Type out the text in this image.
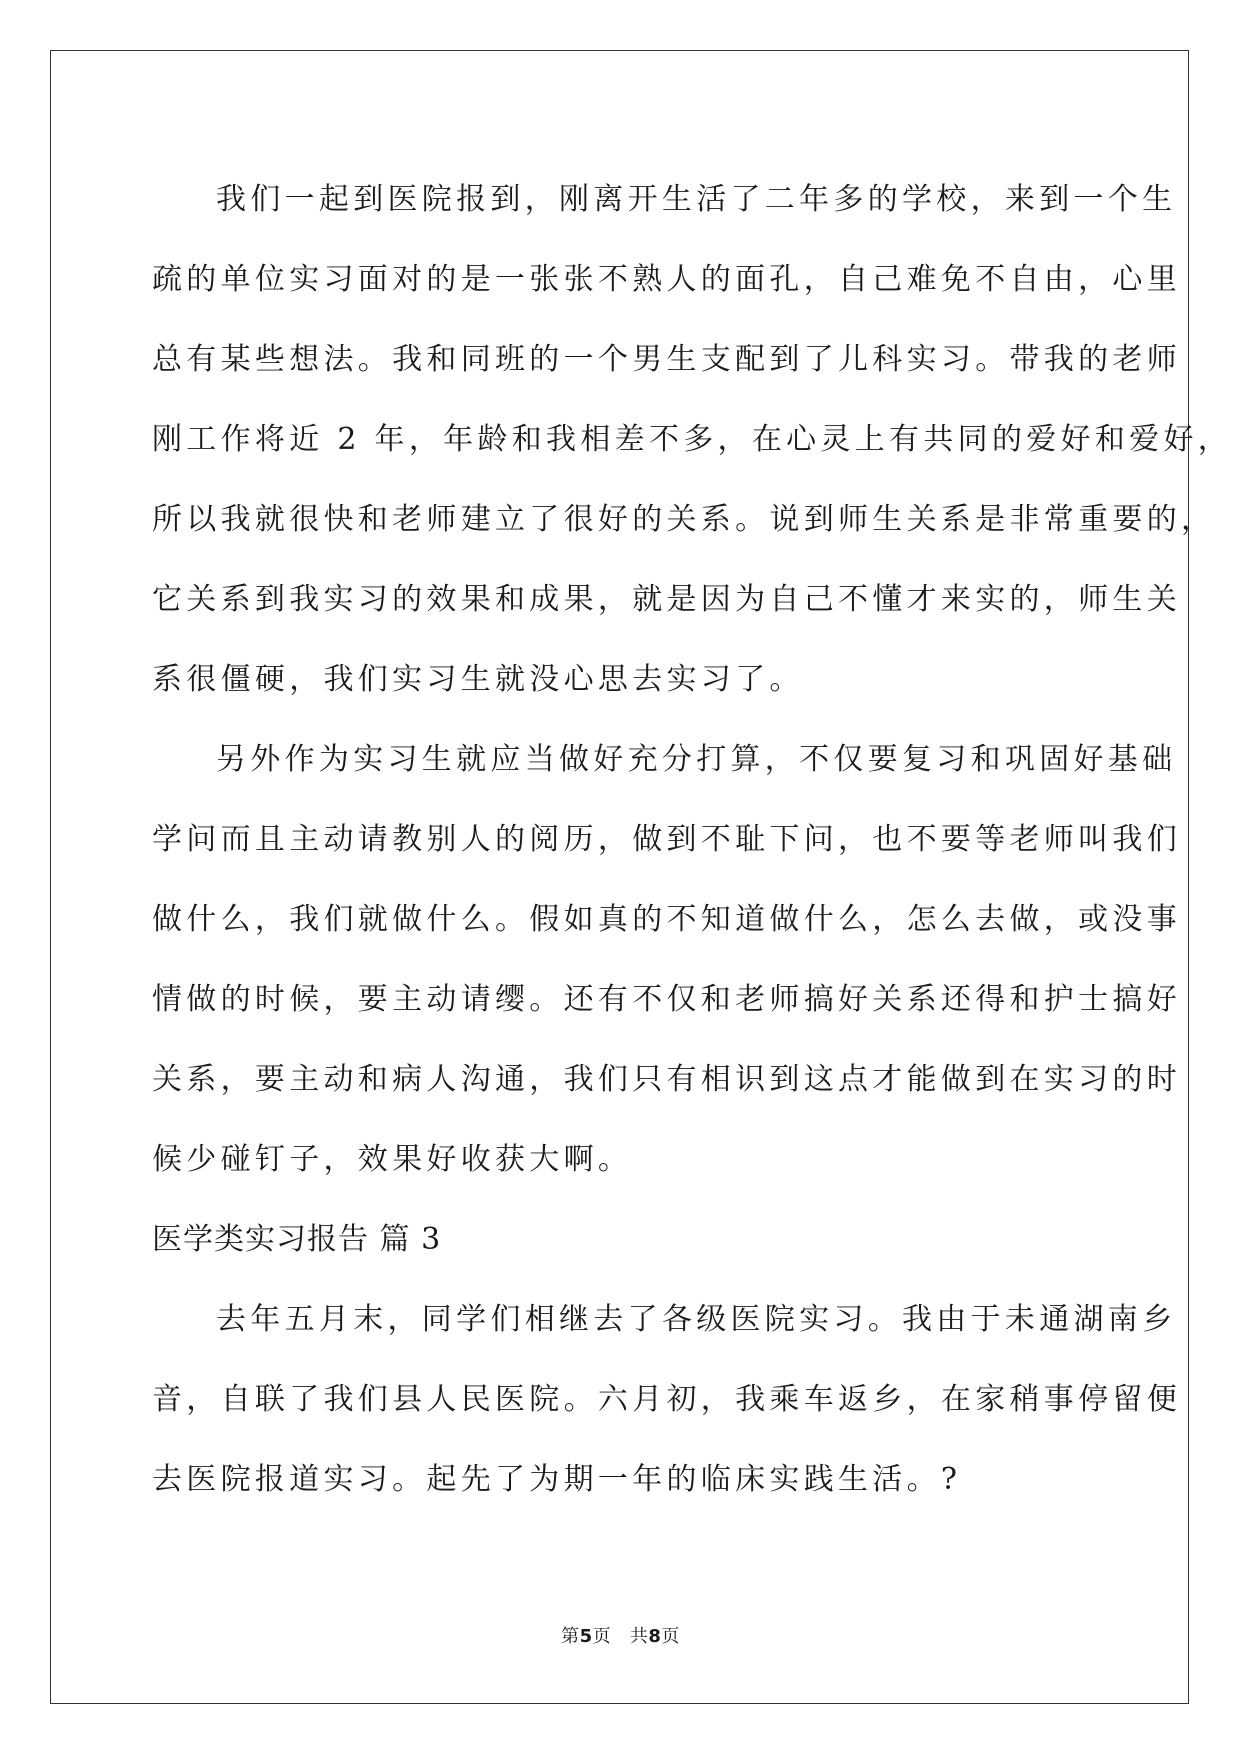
我们一起到医院报到，刚离开生活了二年多的学校，来到一个生
疏的单位实习面对的是一张张不熟人的面孔，自己难免不自由，心里
总有某些想法。我和同班的一个男生支配到了儿科实习。带我的老师
刚工作将近 2 年，年龄和我相差不多，在心灵上有共同的爱好和爱好，
所以我就很快和老师建立了很好的关系。说到师生关系是非常重要的，
它关系到我实习的效果和成果，就是因为自己不懂才来实的，师生关
系很僵硬，我们实习生就没心思去实习了。
另外作为实习生就应当做好充分打算，不仅要复习和巩固好基础
学问而且主动请教别人的阅历，做到不耻下问，也不要等老师叫我们
做什么，我们就做什么。假如真的不知道做什么，怎么去做，或没事
情做的时候，要主动请缨。还有不仅和老师搞好关系还得和护士搞好
关系，要主动和病人沟通，我们只有相识到这点才能做到在实习的时
候少碰钉子，效果好收获大啊。
医学类实习报告 篇 3
去年五月末，同学们相继去了各级医院实习。我由于未通湖南乡
音，自联了我们县人民医院。六月初，我乘车返乡，在家稍事停留便
去医院报道实习。起先了为期一年的临床实践生活。?
第5页 共8页
